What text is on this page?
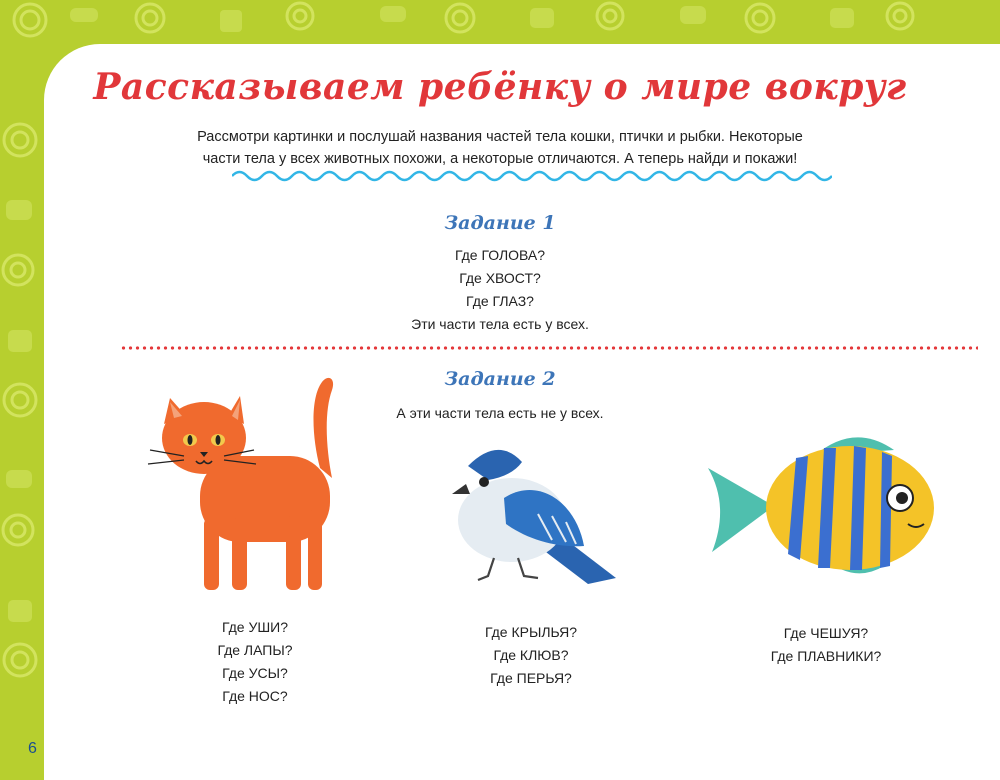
Рассказываем ребёнку о мире вокруг
Рассмотри картинки и послушай названия частей тела кошки, птички и рыбки. Некоторые части тела у всех животных похожи, а некоторые отличаются. А теперь найди и покажи!
Задание 1
Где ГОЛОВА?
Где ХВОСТ?
Где ГЛАЗ?
Эти части тела есть у всех.
Задание 2
А эти части тела есть не у всех.
Где УШИ?
Где ЛАПЫ?
Где УСЫ?
Где НОС?
Где КРЫЛЬЯ?
Где КЛЮВ?
Где ПЕРЬЯ?
Где ЧЕШУЯ?
Где ПЛАВНИКИ?
6
